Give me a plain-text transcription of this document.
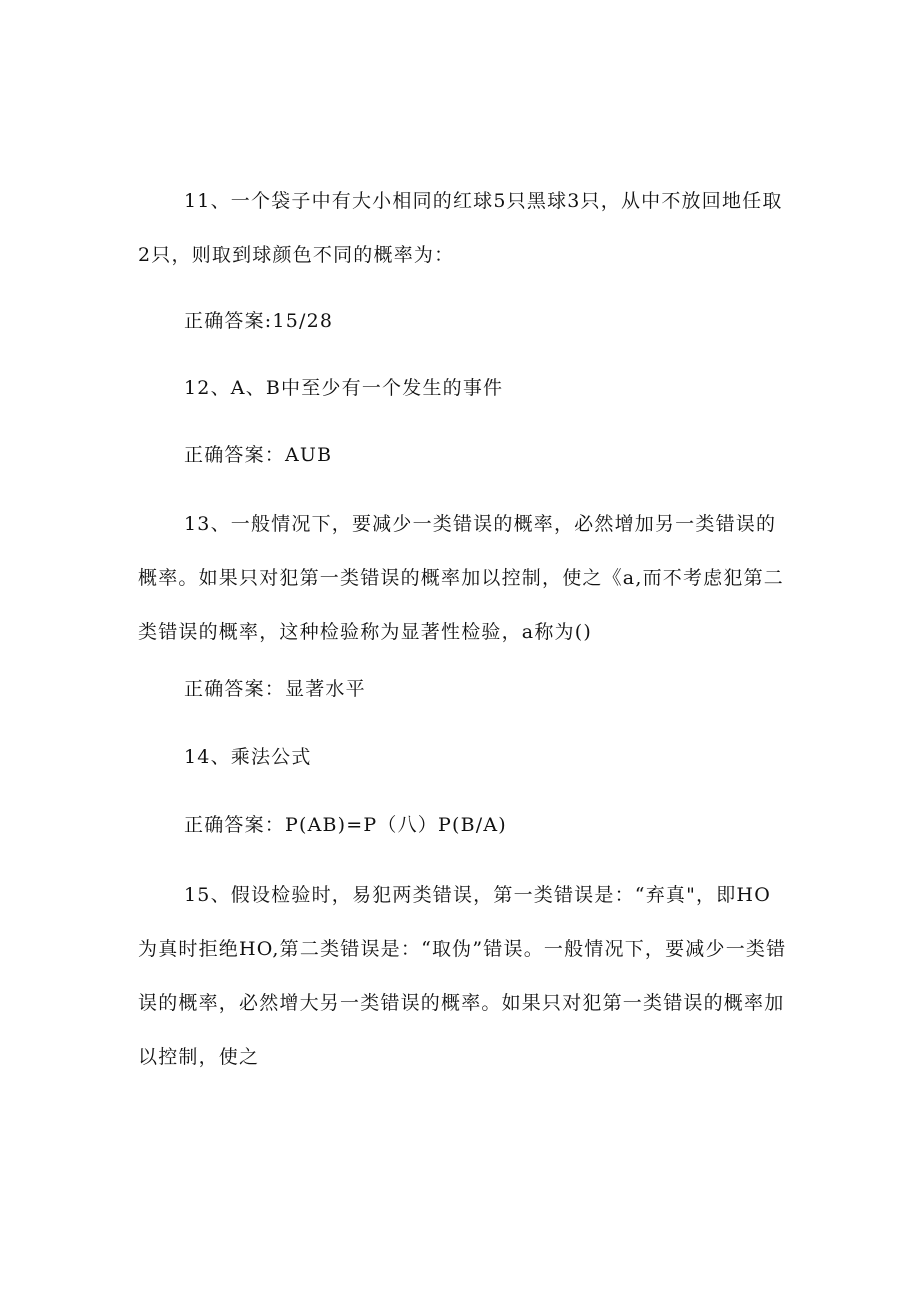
11、一个袋子中有大小相同的红球5只黑球3只，从中不放回地任取2只，则取到球颜色不同的概率为：

正确答案:15/28

12、A、B中至少有一个发生的事件

正确答案：AUB

13、一般情况下，要减少一类错误的概率，必然增加另一类错误的概率。如果只对犯第一类错误的概率加以控制，使之《a,而不考虑犯第二类错误的概率，这种检验称为显著性检验，a称为()

正确答案：显著水平

14、乘法公式

正确答案：P(AB)=P（八）P(B/A)

15、假设检验时，易犯两类错误，第一类错误是：“弃真"，即HO为真时拒绝HO,第二类错误是：“取伪”错误。一般情况下，要减少一类错误的概率，必然增大另一类错误的概率。如果只对犯第一类错误的概率加以控制，使之
